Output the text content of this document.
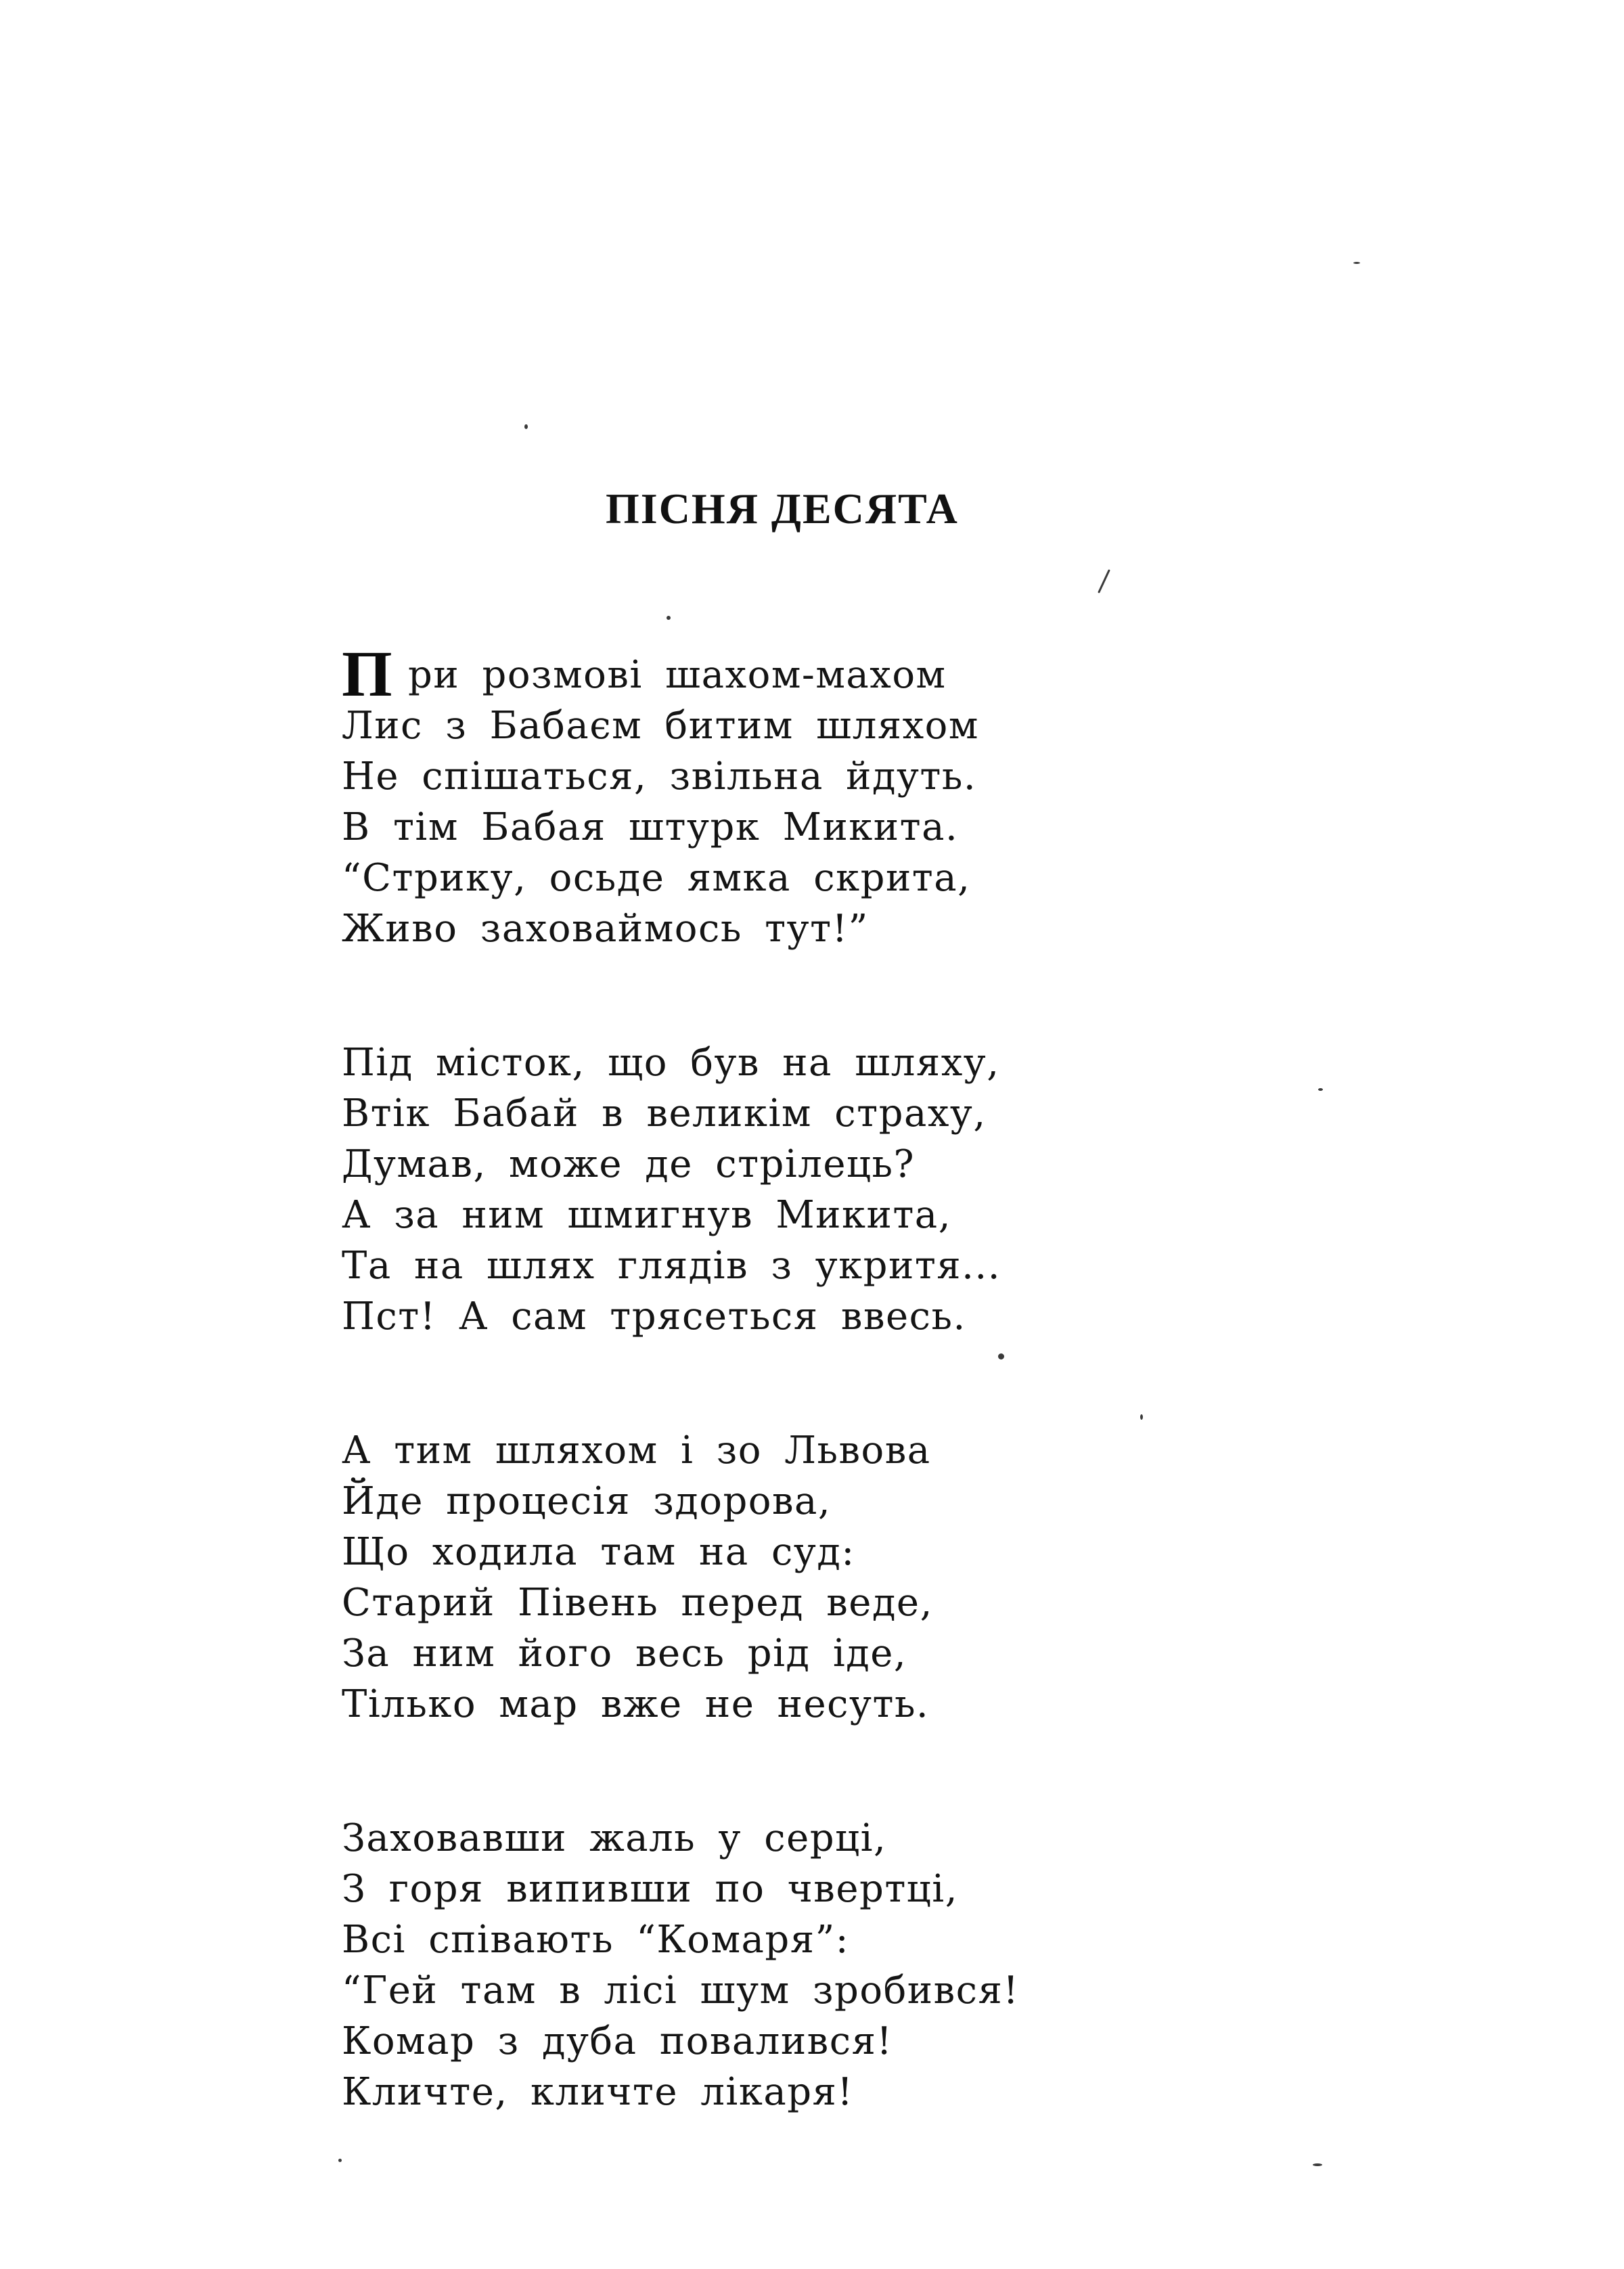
ПІСНЯ ДЕСЯТА
П ри розмові шахом-махом
Лис з Бабаєм битим шляхом
Не спішаться, звільна йдуть.
В тім Бабая штурк Микита.
“Стрику, осьде ямка скрита,
Живо заховаймось тут!”
Під місток, що був на шляху,
Втік Бабай в великім страху,
Думав, може де стрілець?
А за ним шмигнув Микита,
Та на шлях глядів з укритя...
Пст! А сам трясеться ввесь.
А тим шляхом і зо Львова
Йде процесія здорова,
Що ходила там на суд:
Старий Півень перед веде,
За ним його весь рід іде,
Тілько мар вже не несуть.
Заховавши жаль у серці,
З горя випивши по чвертці,
Всі співають “Комаря”:
“Гей там в лісі шум зробився!
Комар з дуба повалився!
Кличте, кличте лікаря!
